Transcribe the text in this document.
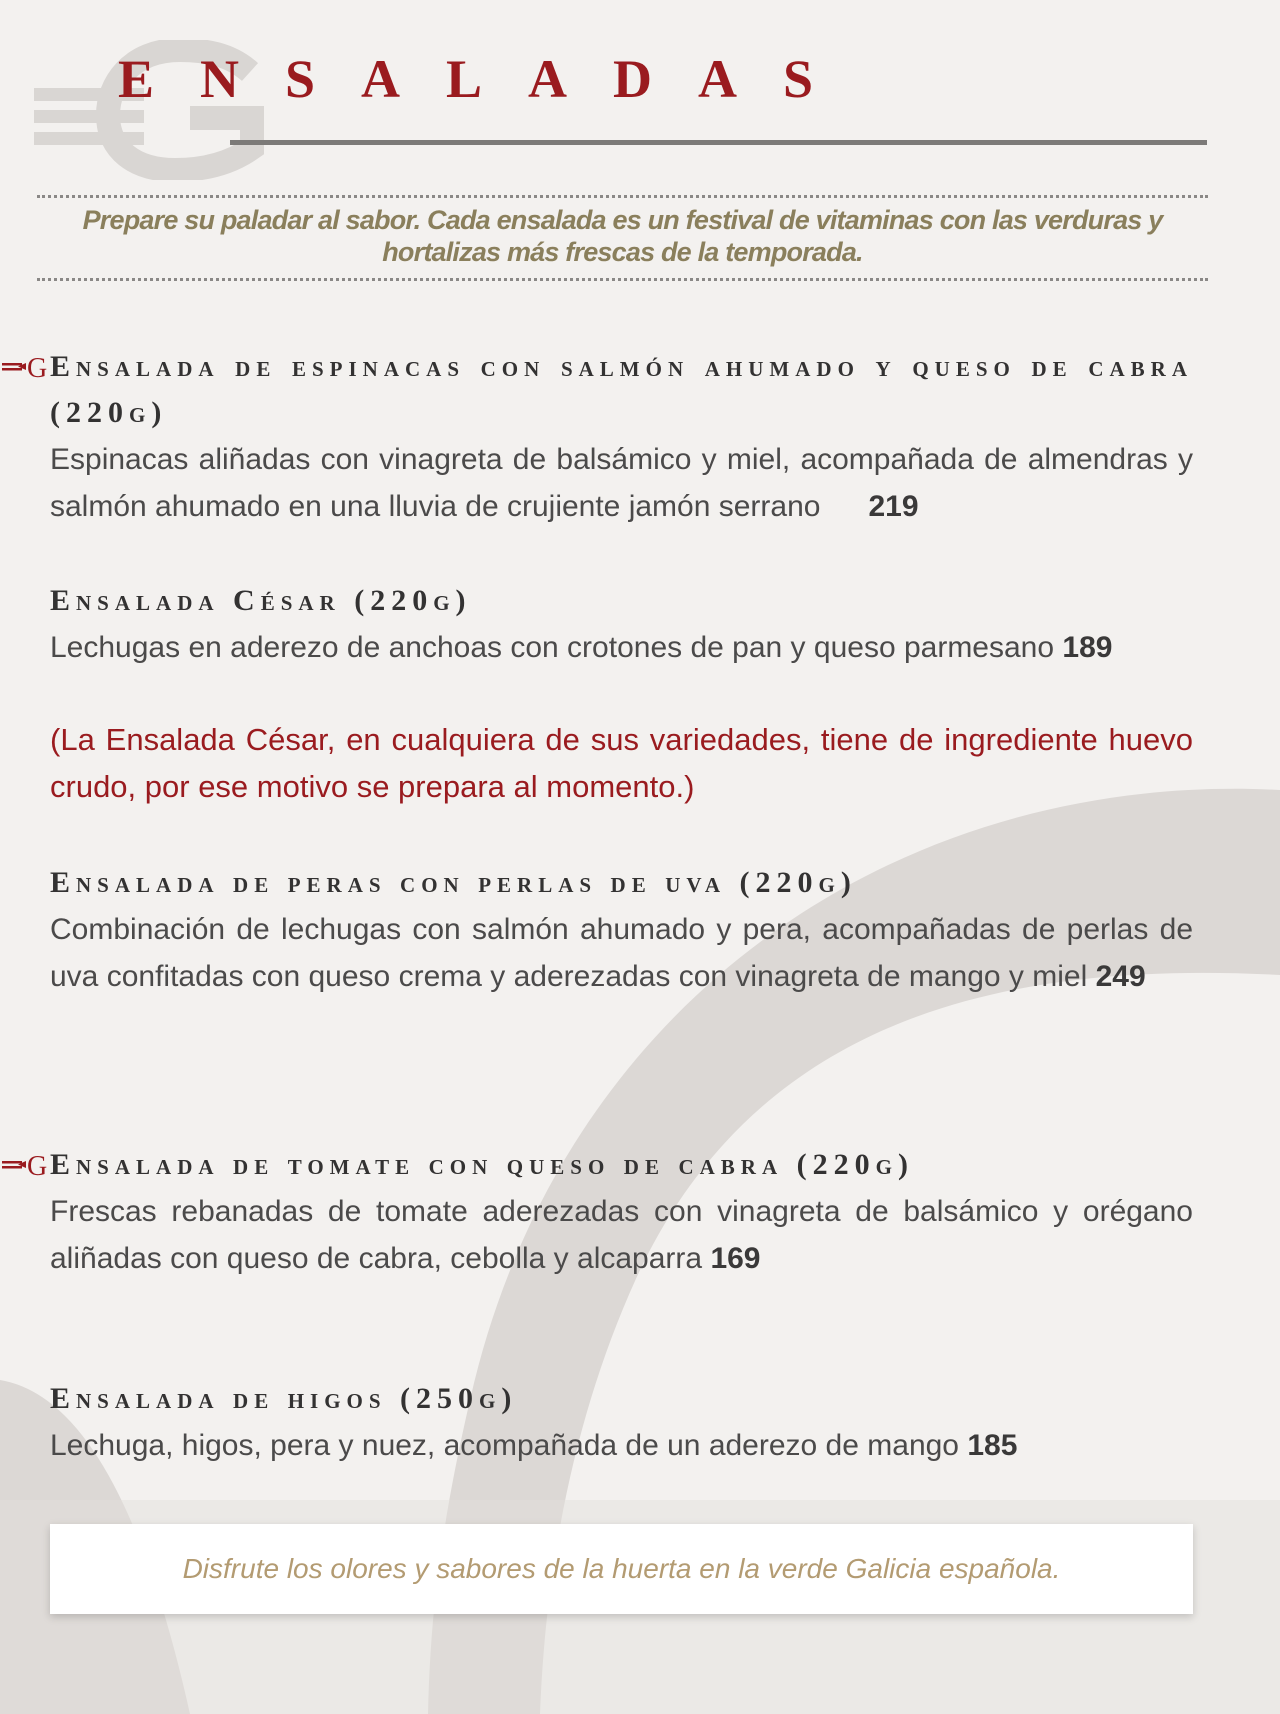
ENSALADAS
Prepare su paladar al sabor. Cada ensalada es un festival de vitaminas con las verduras y hortalizas más frescas de la temporada.
G Ensalada de espinacas con salmón ahumado y queso de cabra (220g)
Espinacas aliñadas con vinagreta de balsámico y miel, acompañada de almendras y salmón ahumado en una lluvia de crujiente jamón serrano 219
Ensalada César (220g)
Lechugas en aderezo de anchoas con crotones de pan y queso parmesano 189
(La Ensalada César, en cualquiera de sus variedades, tiene de ingrediente huevo crudo, por ese motivo se prepara al momento.)
Ensalada de peras con perlas de uva (220g)
Combinación de lechugas con salmón ahumado y pera, acompañadas de perlas de uva confitadas con queso crema y aderezadas con vinagreta de mango y miel 249
G Ensalada de tomate con queso de cabra (220g)
Frescas rebanadas de tomate aderezadas con vinagreta de balsámico y orégano aliñadas con queso de cabra, cebolla y alcaparra 169
Ensalada de higos (250g)
Lechuga, higos, pera y nuez, acompañada de un aderezo de mango 185
Disfrute los olores y sabores de la huerta en la verde Galicia española.
